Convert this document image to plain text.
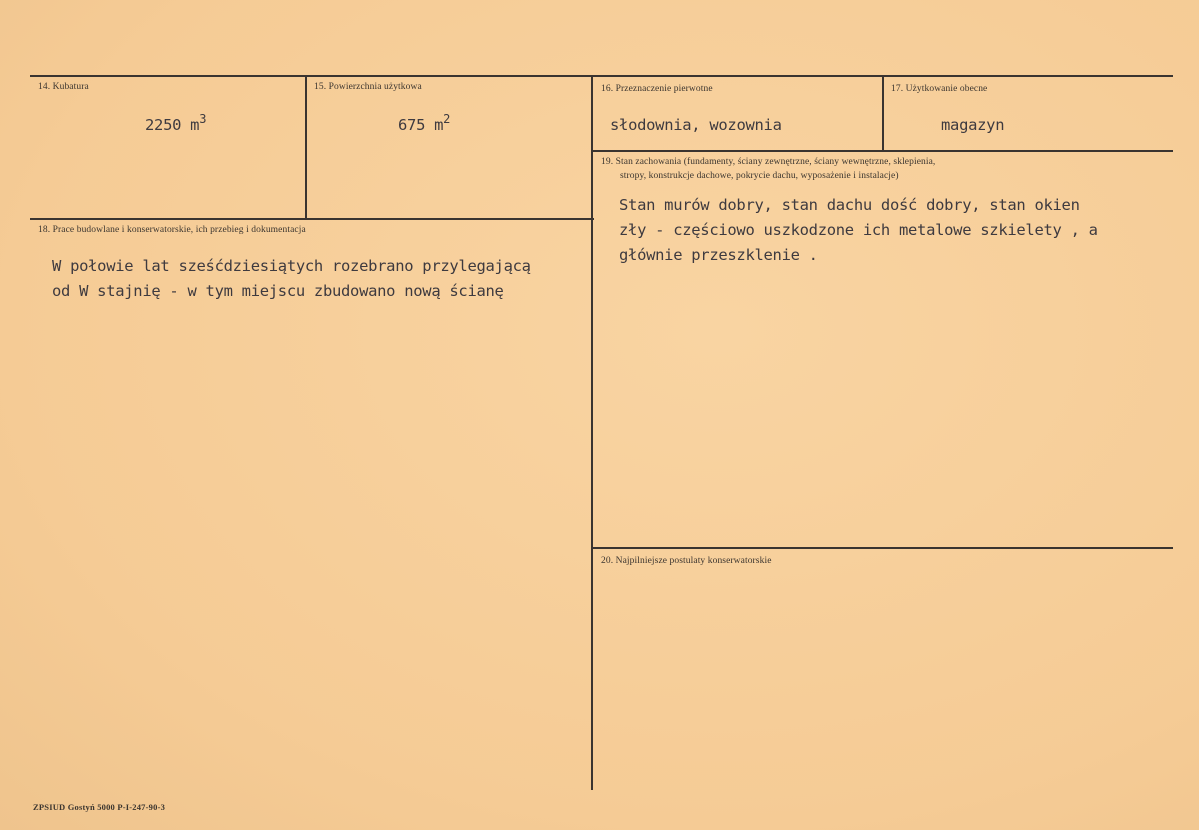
14. Kubatura
2250 $m^3$
15. Powierzchnia użytkowa
675 $m^2$
16. Przeznaczenie pierwotne
słodownia, wozownia
17. Użytkowanie obecne
magazyn
18. Prace budowlane i konserwatorskie, ich przebieg i dokumentacja
W połowie lat sześćdziesiątych rozebrano przylegającą
od W stajnię - w tym miejscu zbudowano nową ścianę
19. Stan zachowania (fundamenty, ściany zewnętrzne, ściany wewnętrzne, sklepienia,
stropy, konstrukcje dachowe, pokrycie dachu, wyposażenie i instalacje)
Stan murów dobry, stan dachu dość dobry, stan okien
zły - częściowo uszkodzone ich metalowe szkielety , a
głównie przeszklenie .
20. Najpilniejsze postulaty konserwatorskie
ZPSIUD Gostyń 5000 P-I-247-90-3
